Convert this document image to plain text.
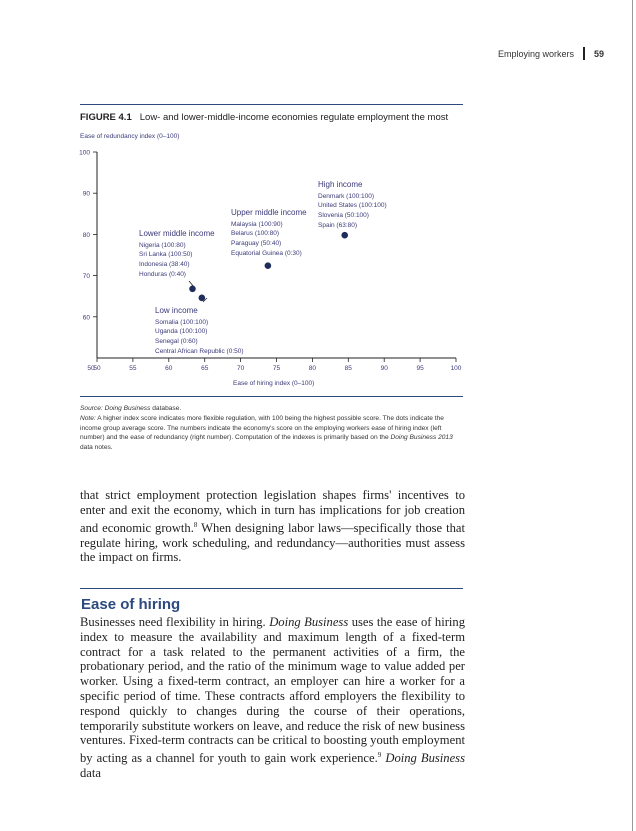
Employing workers 59
FIGURE 4.1 Low- and lower-middle-income economies regulate employment the most
Ease of redundancy index (0–100)
50	55	60	65	70	75	80	85	90	95	100
60
70
80
90
100
50
Ease of hiring index (0–100)
High income
Denmark (100:100)
United States (100:100)
Slovenia (50:100)
Spain (63:80)
Upper middle income
Malaysia (100:90)
Belarus (100:80)
Paraguay (50:40)
Equatorial Guinea (0:30)
Lower middle income
Nigeria (100:80)
Sri Lanka (100:50)
Indonesia (38:40)
Honduras (0:40)
Low income
Somalia (100:100)
Uganda (100:100)
Senegal (0:60)
Central African Republic (0:50)
Source: Doing Business database.
Note: A higher index score indicates more flexible regulation, with 100 being the highest possible score. The dots indicate the income group average score. The numbers indicate the economy's score on the employing workers ease of hiring index (left number) and the ease of redundancy (right number). Computation of the indexes is primarily based on the Doing Business 2013 data notes.
that strict employment protection legislation shapes firms' incentives to enter and exit the economy, which in turn has implications for job creation and economic growth.$^8$ When designing labor laws—specifically those that regulate hiring, work scheduling, and redundancy—authorities must assess the impact on firms.
Ease of hiring
Businesses need flexibility in hiring. Doing Business uses the ease of hiring index to measure the availability and maximum length of a fixed-term contract for a task related to the permanent activities of a firm, the probationary period, and the ratio of the minimum wage to value added per worker. Using a fixed-term contract, an employer can hire a worker for a specific period of time. These contracts afford employers the flexibility to respond quickly to changes during the course of their operations, temporarily substitute workers on leave, and reduce the risk of new business ventures. Fixed-term contracts can be critical to boosting youth employment by acting as a channel for youth to gain work experience.$^9$ Doing Business data
